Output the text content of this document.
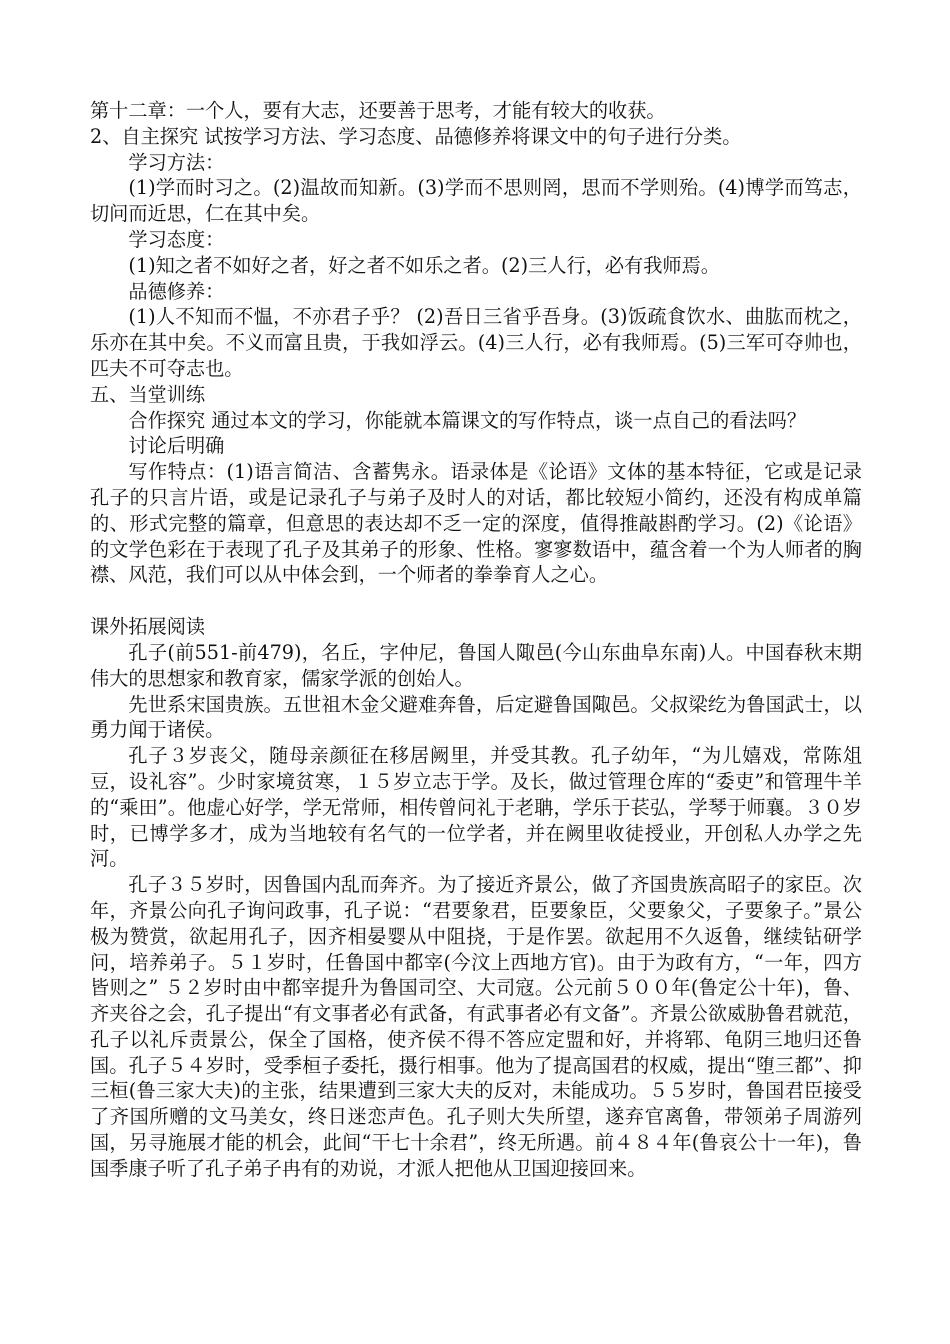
第十二章：一个人，要有大志，还要善于思考，才能有较大的收获。

2、自主探究 试按学习方法、学习态度、品德修养将课文中的句子进行分类。

学习方法：

(1)学而时习之。(2)温故而知新。(3)学而不思则罔，思而不学则殆。(4)博学而笃志，切问而近思，仁在其中矣。

学习态度：

(1)知之者不如好之者，好之者不如乐之者。(2)三人行，必有我师焉。

品德修养：

(1)人不知而不愠，不亦君子乎？ (2)吾日三省乎吾身。(3)饭疏食饮水、曲肱而枕之，乐亦在其中矣。不义而富且贵，于我如浮云。(4)三人行，必有我师焉。(5)三军可夺帅也，匹夫不可夺志也。

五、当堂训练

合作探究 通过本文的学习，你能就本篇课文的写作特点，谈一点自己的看法吗？

讨论后明确

写作特点：(1)语言简洁、含蓄隽永。语录体是《论语》文体的基本特征，它或是记录孔子的只言片语，或是记录孔子与弟子及时人的对话，都比较短小简约，还没有构成单篇的、形式完整的篇章，但意思的表达却不乏一定的深度，值得推敲斟酌学习。(2)《论语》的文学色彩在于表现了孔子及其弟子的形象、性格。寥寥数语中，蕴含着一个为人师者的胸襟、风范，我们可以从中体会到，一个师者的拳拳育人之心。

课外拓展阅读

孔子(前551-前479)，名丘，字仲尼，鲁国人陬邑(今山东曲阜东南)人。中国春秋末期伟大的思想家和教育家，儒家学派的创始人。

先世系宋国贵族。五世祖木金父避难奔鲁，后定避鲁国陬邑。父叔梁纥为鲁国武士，以勇力闻于诸侯。

孔子３岁丧父，随母亲颜征在移居阙里，并受其教。孔子幼年，“为儿嬉戏，常陈俎豆，设礼容”。少时家境贫寒，１５岁立志于学。及长，做过管理仓库的“委吏”和管理牛羊的“乘田”。他虚心好学，学无常师，相传曾问礼于老聃，学乐于苌弘，学琴于师襄。３０岁时，已博学多才，成为当地较有名气的一位学者，并在阙里收徒授业，开创私人办学之先河。

孔子３５岁时，因鲁国内乱而奔齐。为了接近齐景公，做了齐国贵族高昭子的家臣。次年，齐景公向孔子询问政事，孔子说：“君要象君，臣要象臣，父要象父，子要象子。”景公极为赞赏，欲起用孔子，因齐相晏婴从中阻挠，于是作罢。欲起用不久返鲁，继续钻研学问，培养弟子。５１岁时，任鲁国中都宰(今汶上西地方官)。由于为政有方，“一年，四方皆则之” ５２岁时由中都宰提升为鲁国司空、大司寇。公元前５００年(鲁定公十年)，鲁、齐夹谷之会，孔子提出“有文事者必有武备，有武事者必有文备”。齐景公欲威胁鲁君就范，孔子以礼斥责景公，保全了国格，使齐侯不得不答应定盟和好，并将郓、龟阴三地归还鲁国。孔子５４岁时，受季桓子委托，摄行相事。他为了提高国君的权威，提出“堕三都”、抑三桓(鲁三家大夫)的主张，结果遭到三家大夫的反对，未能成功。５５岁时，鲁国君臣接受了齐国所赠的文马美女，终日迷恋声色。孔子则大失所望，遂弃官离鲁，带领弟子周游列国，另寻施展才能的机会，此间“干七十余君”，终无所遇。前４８４年(鲁哀公十一年)，鲁国季康子听了孔子弟子冉有的劝说，才派人把他从卫国迎接回来。
